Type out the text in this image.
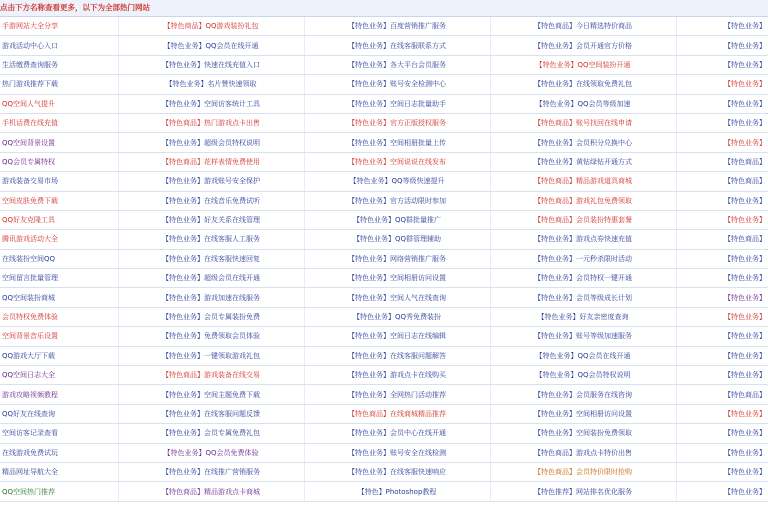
点击下方名称查看更多，以下为全部热门网站
手游网站大全分享	【特色商品】QQ游戏装扮礼包	【特色业务】百度营销推广服务	【特色商品】今日精选特价商品	【特色业务】
游戏活动中心入口	【特色业务】QQ会员在线开通	【特色业务】在线客服联系方式	【特色业务】会员开通官方价格	【特色业务】
生活缴费查询服务	【特色业务】快速在线充值入口	【特色业务】各大平台会员服务	【特色业务】QQ空间装扮开通	【特色业务】
热门游戏推荐下载	【特色业务】名片赞快速领取	【特色业务】账号安全检测中心	【特色业务】在线领取免费礼包	【特色业务】
QQ空间人气提升	【特色业务】空间访客统计工具	【特色业务】空间日志批量助手	【特色业务】QQ会员等级加速	【特色业务】
手机话费在线充值	【特色商品】热门游戏点卡出售	【特色业务】官方正版授权服务	【特色商品】账号找回在线申请	【特色业务】
QQ空间背景设置	【特色业务】超级会员特权说明	【特色业务】空间相册批量上传	【特色业务】会员积分兑换中心	【特色业务】
QQ会员专属特权	【特色商品】花样表情免费使用	【特色业务】空间说说在线发布	【特色业务】黄钻绿钻开通方式	【特色商品】
游戏装备交易市场	【特色业务】游戏账号安全保护	【特色业务】QQ等级快速提升	【特色商品】精品游戏道具商城	【特色商品】
空间皮肤免费下载	【特色业务】在线音乐免费试听	【特色业务】官方活动限时参加	【特色商品】游戏礼包免费领取	【特色业务】
QQ好友克隆工具	【特色业务】好友关系在线管理	【特色业务】QQ群批量推广	【特色商品】会员装扮特惠套餐	【特色业务】
腾讯游戏活动大全	【特色业务】在线客服人工服务	【特色业务】QQ群管理辅助	【特色业务】游戏点券快速充值	【特色商品】
在线装扮空间QQ	【特色业务】在线客服快速回复	【特色业务】网络营销推广服务	【特色业务】一元秒杀限时活动	【特色业务】
空间留言批量管理	【特色业务】超级会员在线开通	【特色业务】空间相册访问设置	【特色业务】会员特权一键开通	【特色业务】
QQ空间装扮商城	【特色业务】游戏加速在线服务	【特色业务】空间人气在线查询	【特色业务】会员等级成长计划	【特色业务】
会员特权免费体验	【特色业务】会员专属装扮免费	【特色业务】QQ秀免费装扮	【特色业务】好友亲密度查询	【特色业务】
空间背景音乐设置	【特色业务】免费领取会员体验	【特色业务】空间日志在线编辑	【特色业务】账号等级加速服务	【特色业务】
QQ游戏大厅下载	【特色业务】一键领取游戏礼包	【特色业务】在线客服问题解答	【特色业务】QQ会员在线开通	【特色业务】
QQ空间日志大全	【特色商品】游戏装备在线交易	【特色业务】游戏点卡在线购买	【特色业务】QQ会员特权说明	【特色业务】
游戏攻略视频教程	【特色业务】空间主题免费下载	【特色业务】全网热门活动推荐	【特色业务】会员服务在线咨询	【特色商品】
QQ好友在线查询	【特色业务】在线客服问题反馈	【特色商品】在线商城精品推荐	【特色业务】空间相册访问设置	【特色业务】
空间访客记录查看	【特色业务】会员专属免费礼包	【特色业务】会员中心在线开通	【特色业务】空间装扮免费领取	【特色业务】
在线游戏免费试玩	【特色业务】QQ会员免费体验	【特色业务】账号安全在线检测	【特色商品】游戏点卡特价出售	【特色业务】
精品网址导航大全	【特色业务】在线推广营销服务	【特色业务】在线客服快速响应	【特色商品】会员特价限时抢购	【特色业务】
QQ空间热门推荐	【特色商品】精品游戏点卡商城	【特色】Photoshop教程	【特色推荐】网站排名优化服务	【特色业务】
